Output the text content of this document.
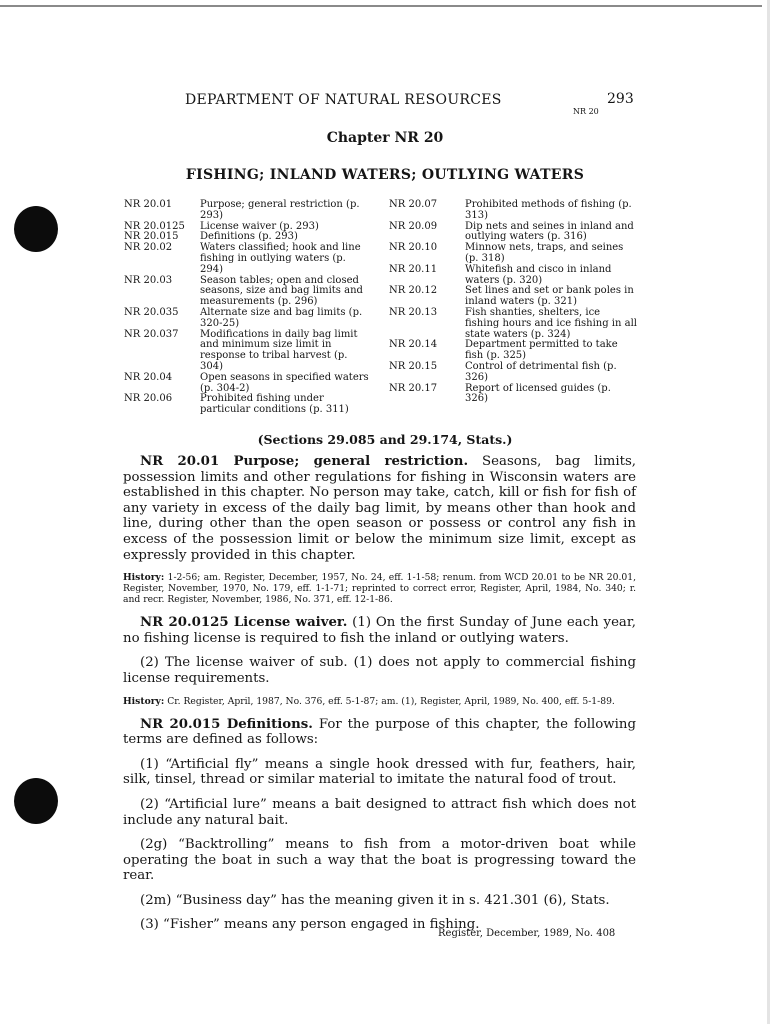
DEPARTMENT OF NATURAL RESOURCES	293
NR 20
Chapter NR 20
FISHING; INLAND WATERS; OUTLYING WATERS
NR 20.01	Purpose; general restriction (p. 293)
NR 20.0125	License waiver (p. 293)
NR 20.015	Definitions (p. 293)
NR 20.02	Waters classified; hook and line fishing in outlying waters (p. 294)
NR 20.03	Season tables; open and closed seasons, size and bag limits and measurements (p. 296)
NR 20.035	Alternate size and bag limits (p. 320-25)
NR 20.037	Modifications in daily bag limit and minimum size limit in response to tribal harvest (p. 304)
NR 20.04	Open seasons in specified waters (p. 304-2)
NR 20.06	Prohibited fishing under particular conditions (p. 311)
NR 20.07	Prohibited methods of fishing (p. 313)
NR 20.09	Dip nets and seines in inland and outlying waters (p. 316)
NR 20.10	Minnow nets, traps, and seines (p. 318)
NR 20.11	Whitefish and cisco in inland waters (p. 320)
NR 20.12	Set lines and set or bank poles in inland waters (p. 321)
NR 20.13	Fish shanties, shelters, ice fishing hours and ice fishing in all state waters (p. 324)
NR 20.14	Department permitted to take fish (p. 325)
NR 20.15	Control of detrimental fish (p. 326)
NR 20.17	Report of licensed guides (p. 326)
(Sections 29.085 and 29.174, Stats.)

NR 20.01 Purpose; general restriction. Seasons, bag limits, possession limits and other regulations for fishing in Wisconsin waters are established in this chapter. No person may take, catch, kill or fish for fish of any variety in excess of the daily bag limit, by means other than hook and line, during other than the open season or possess or control any fish in excess of the possession limit or below the minimum size limit, except as expressly provided in this chapter.

History: 1-2-56; am. Register, December, 1957, No. 24, eff. 1-1-58; renum. from WCD 20.01 to be NR 20.01, Register, November, 1970, No. 179, eff. 1-1-71; reprinted to correct error, Register, April, 1984, No. 340; r. and recr. Register, November, 1986, No. 371, eff. 12-1-86.

NR 20.0125 License waiver. (1) On the first Sunday of June each year, no fishing license is required to fish the inland or outlying waters.

(2) The license waiver of sub. (1) does not apply to commercial fishing license requirements.

History: Cr. Register, April, 1987, No. 376, eff. 5-1-87; am. (1), Register, April, 1989, No. 400, eff. 5-1-89.

NR 20.015 Definitions. For the purpose of this chapter, the following terms are defined as follows:

(1) “Artificial fly” means a single hook dressed with fur, feathers, hair, silk, tinsel, thread or similar material to imitate the natural food of trout.

(2) “Artificial lure” means a bait designed to attract fish which does not include any natural bait.

(2g) “Backtrolling” means to fish from a motor-driven boat while operating the boat in such a way that the boat is progressing toward the rear.

(2m) “Business day” has the meaning given it in s. 421.301 (6), Stats.

(3) “Fisher” means any person engaged in fishing.

Register, December, 1989, No. 408
